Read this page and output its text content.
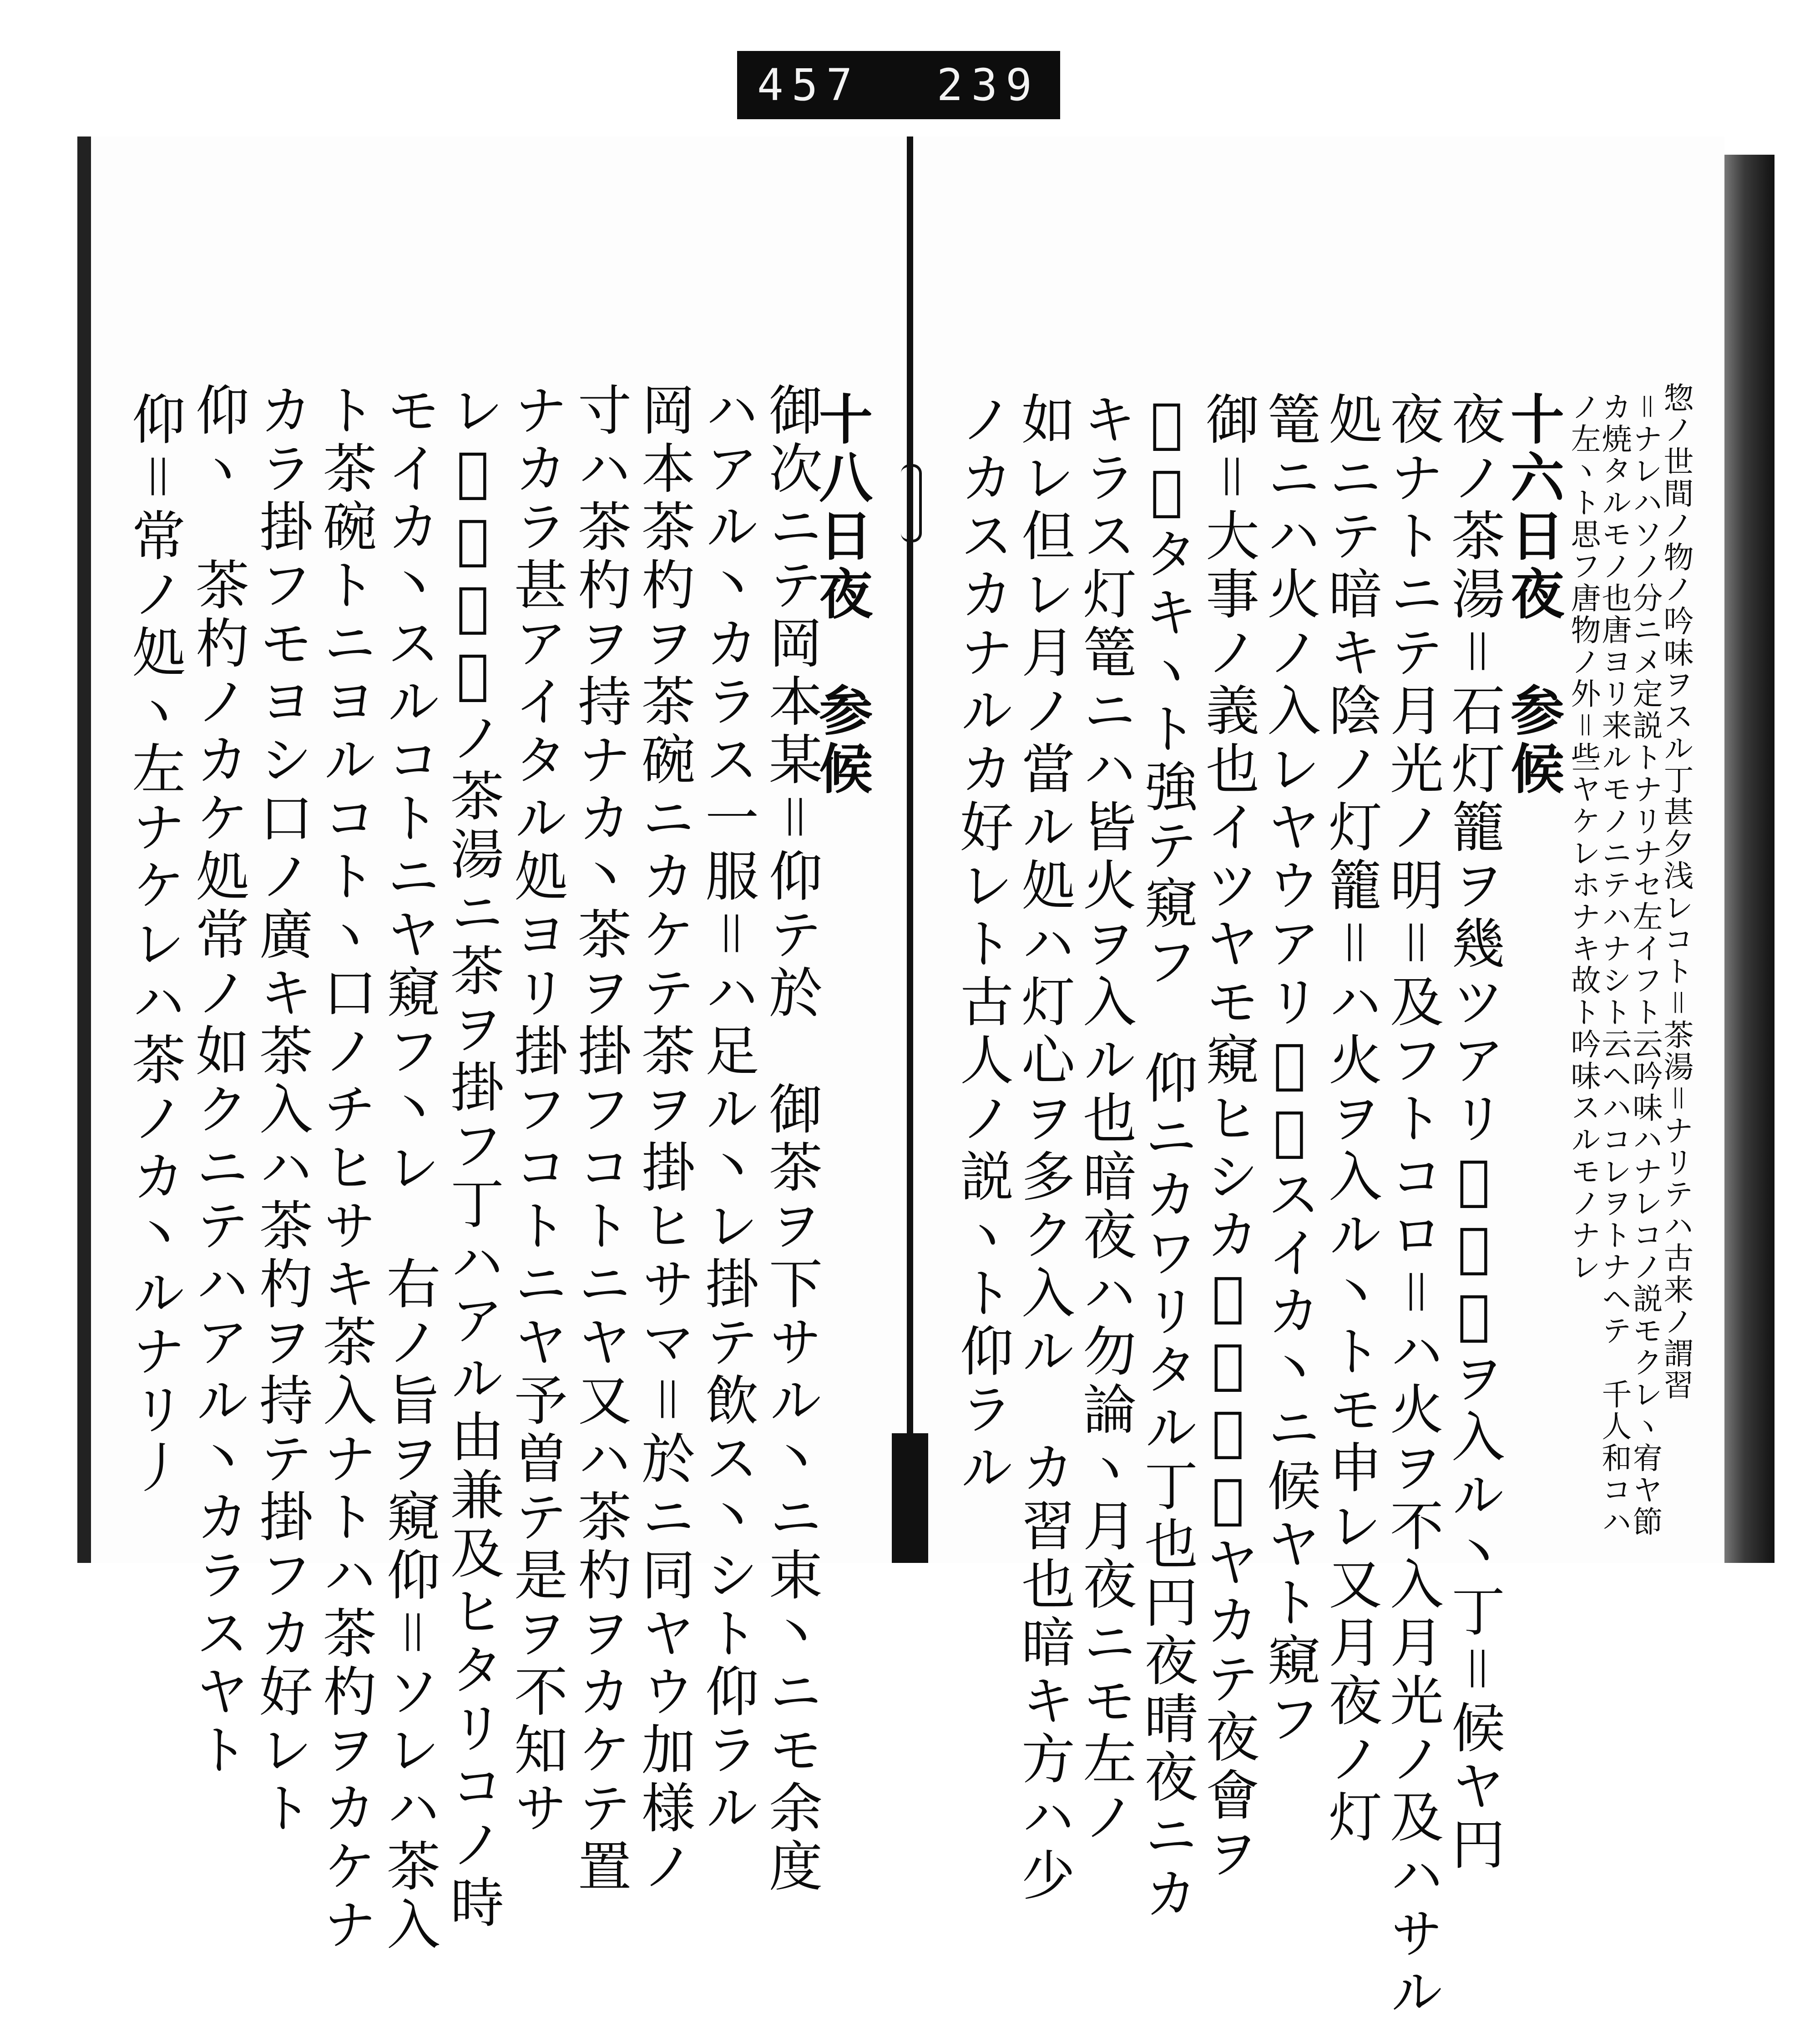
457 239
十八日夜　参候
御次ニテ岡本某＝仰テ於　御茶ヲ下サル丶ニ束丶ニモ余度
ハアル丶カラス一服＝ハ足ル丶レ掛テ飲ス丶シト仰ラル
岡本茶杓ヲ茶碗ニカケテ茶ヲ掛ヒサマ＝於ニ同ヤウ加様ノ
寸ハ茶杓ヲ持ナカ丶茶ヲ掛フコトニヤ又ハ茶杓ヲカケテ置
ナカラ甚アイタル処ヨリ掛フコトニヤ予曽テ是ヲ不知サ
レ𪜈大東丶ノ茶湯ニ茶ヲ掛フ丁ハアル由兼及ヒタリコノ時
モイカ丶スルコトニヤ窺フ丶レ　右ノ旨ヲ窺仰＝ソレハ茶入
ト茶碗トニヨルコトヽ口ノチヒサキ茶入ナトハ茶杓ヲカケナ
カラ掛フモヨシ口ノ廣キ茶入ハ茶杓ヲ持テ掛フカ好レト
仰ヽ　茶杓ノカケ処常ノ如クニテハアル丶カラスヤト
仰＝常ノ処ヽ左ナケレハ茶ノカ丶ルナリ丿	惣ノ世間ノ物ノ吟味ヲスル丁甚夕浅レコト＝茶湯＝ナリテハ古来ノ謂習
＝ナレハソノ分ニメ定説トナリナセ左イフト云吟味ハナレコノ説モクレヽ宥ヤ節
カ焼タルモノ也唐ヨリ来ルモノニテハナシト云ヘハコレヲトナヘテ　千人和コハ
ノ左ヽト思フ唐物ノ外＝些ヤケレホナキ故ト吟味スルモノナレ
十六日夜　参候
夜ノ茶湯＝石灯籠ヲ幾ツアリ𪜈皆火ヲ入ル丶丁＝候ヤ円
夜ナトニテ月光ノ明＝及フトコロ＝ハ火ヲ不入月光ノ及ハサル
処ニテ暗キ陰ノ灯籠＝ハ火ヲ入ル丶トモ申レ又月夜ノ灯
篭ニハ火ノ入レヤウアリ𪜈申スイカ丶ニ候ヤト窺フ
御＝大事ノ義也イツヤモ窺ヒシカ𪜈甚仰也ヤカテ夜會ヲ
𪜈仕タキヽト強テ窺フ　仰ニカワリタル丁也円夜晴夜ニカ
キラス灯篭ニハ皆火ヲ入ル也暗夜ハ勿論ヽ月夜ニモ左ノ
如レ但レ月ノ當ル処ハ灯心ヲ多ク入ル　カ習也暗キ方ハ少
ノカスカナルカ好レト古人ノ説ヽト仰ラル
